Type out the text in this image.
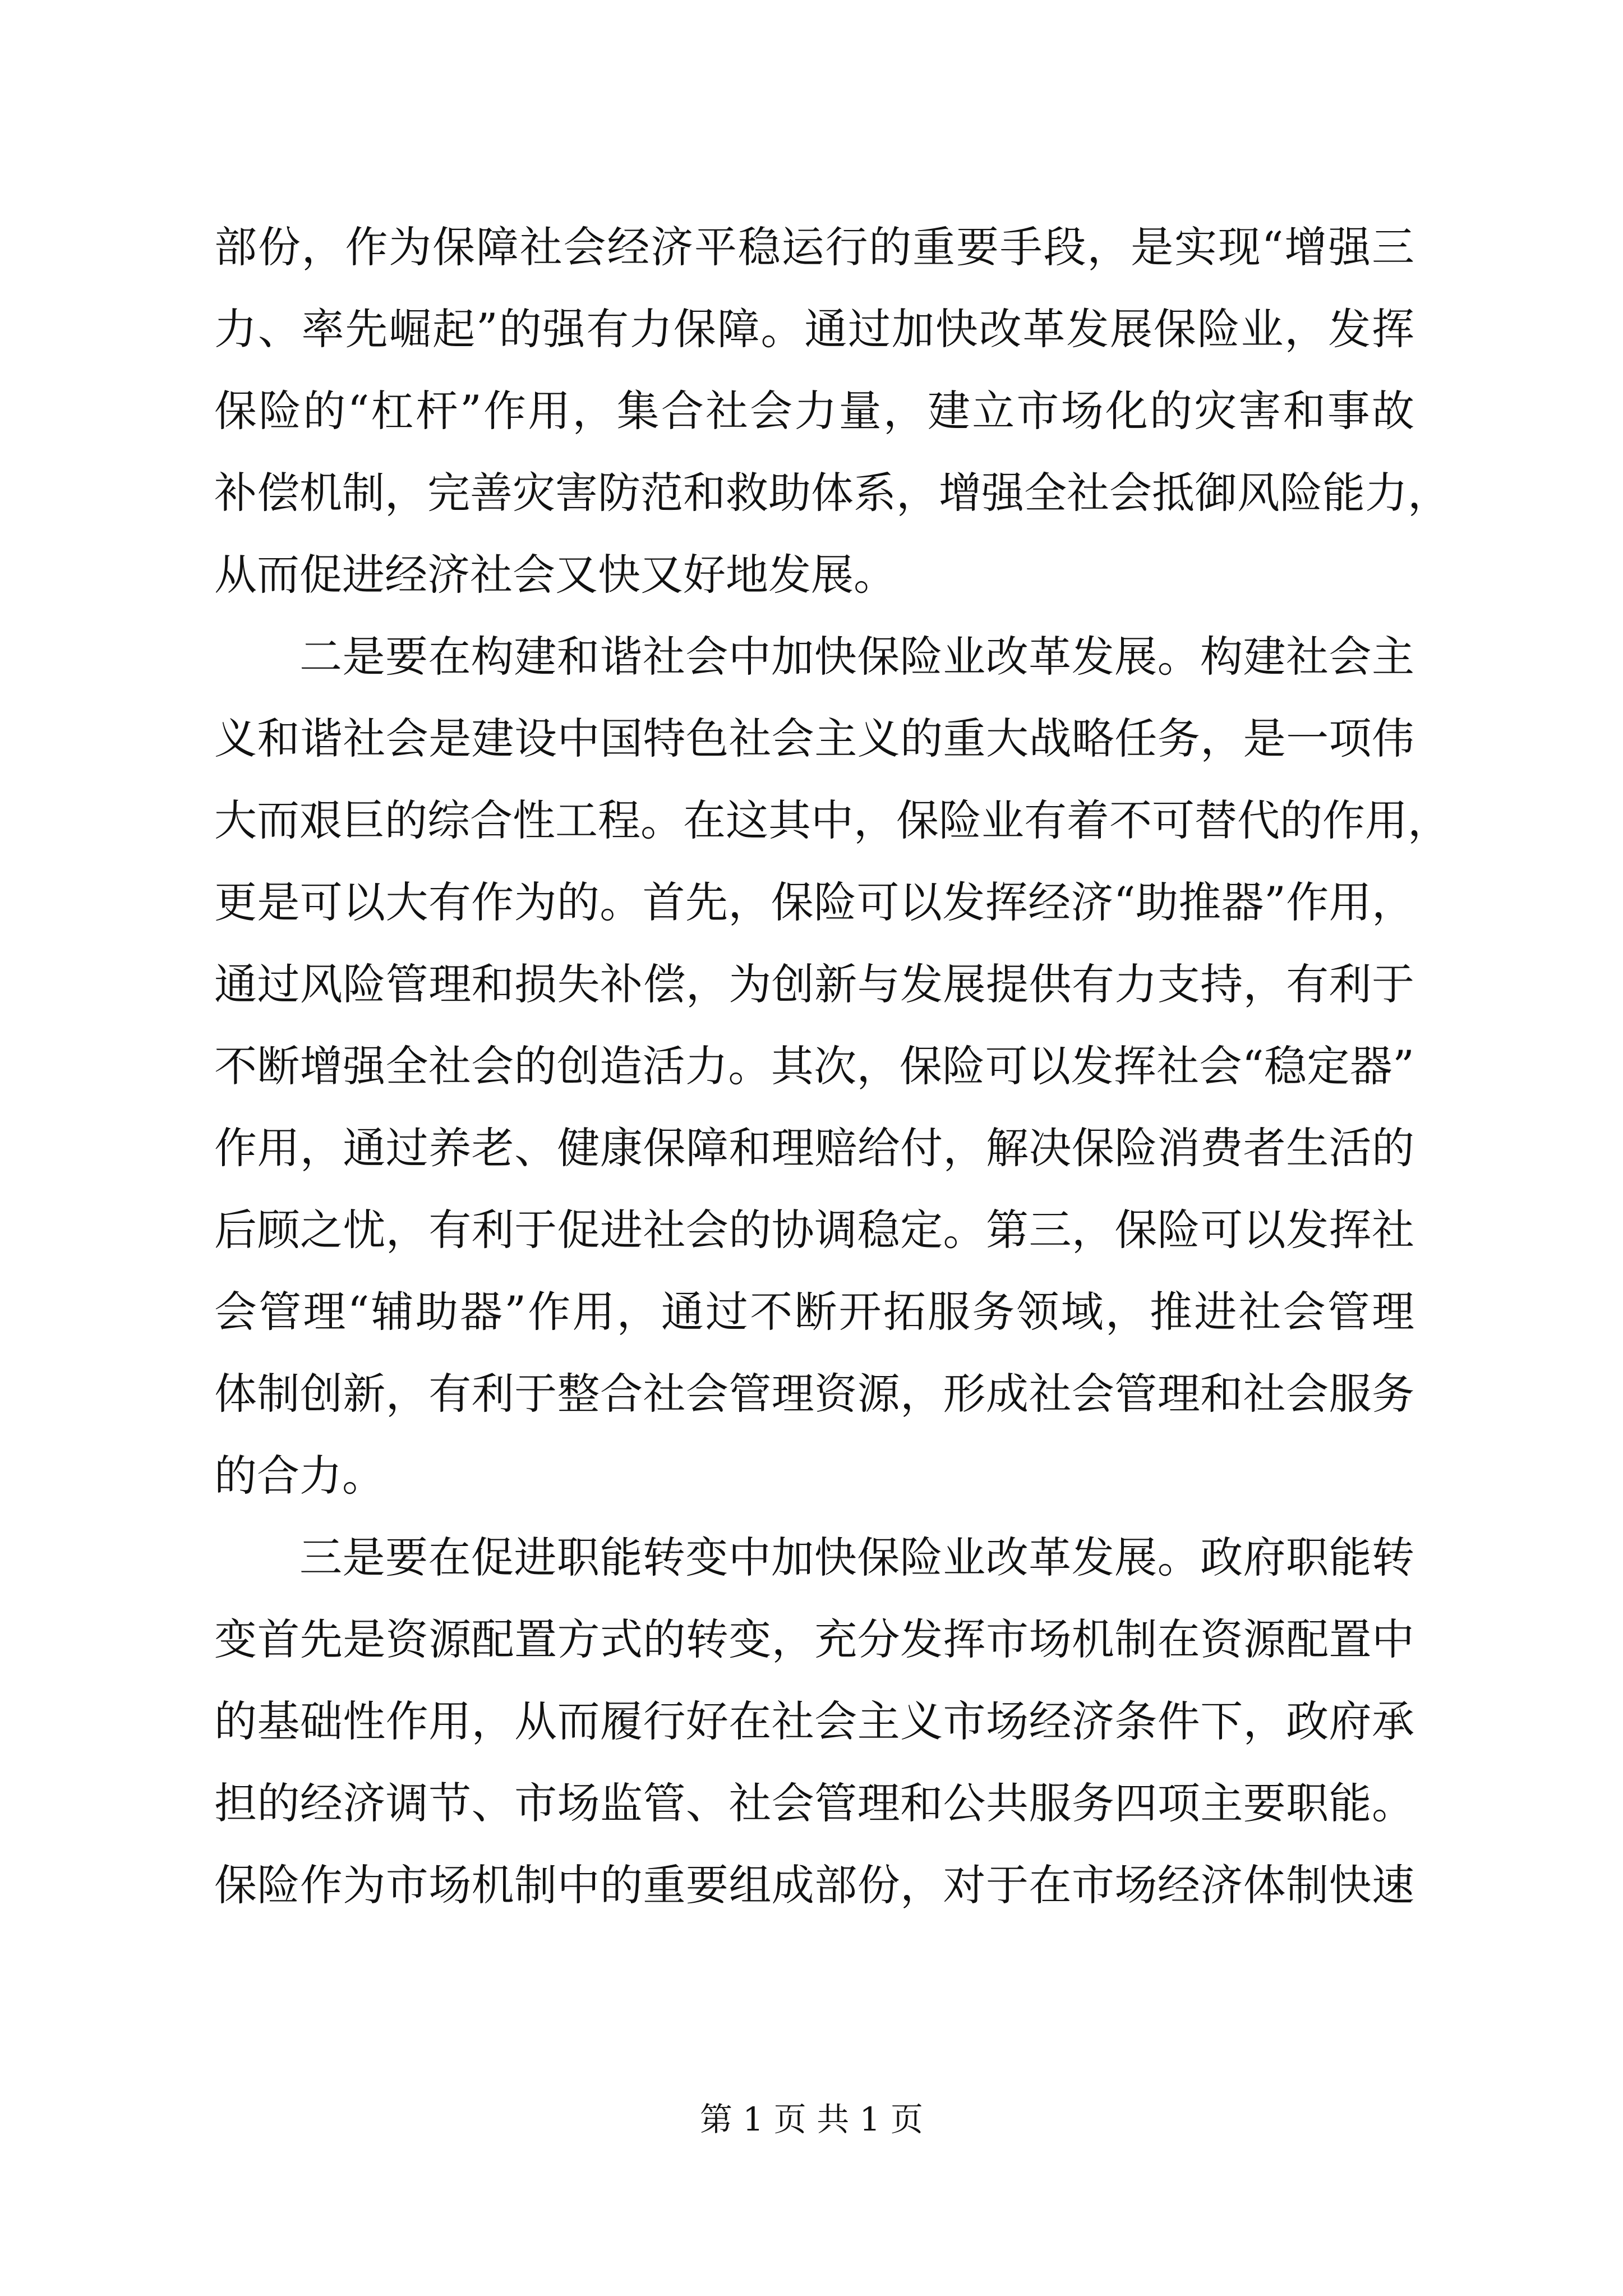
部份，作为保障社会经济平稳运行的重要手段，是实现“增强三
力、率先崛起”的强有力保障。通过加快改革发展保险业，发挥
保险的“杠杆”作用，集合社会力量，建立市场化的灾害和事故
补偿机制，完善灾害防范和救助体系，增强全社会抵御风险能力，
从而促进经济社会又快又好地发展。
二是要在构建和谐社会中加快保险业改革发展。构建社会主
义和谐社会是建设中国特色社会主义的重大战略任务，是一项伟
大而艰巨的综合性工程。在这其中，保险业有着不可替代的作用，
更是可以大有作为的。首先，保险可以发挥经济“助推器”作用，
通过风险管理和损失补偿，为创新与发展提供有力支持，有利于
不断增强全社会的创造活力。其次，保险可以发挥社会“稳定器”
作用，通过养老、健康保障和理赔给付，解决保险消费者生活的
后顾之忧，有利于促进社会的协调稳定。第三，保险可以发挥社
会管理“辅助器”作用，通过不断开拓服务领域，推进社会管理
体制创新，有利于整合社会管理资源，形成社会管理和社会服务
的合力。
三是要在促进职能转变中加快保险业改革发展。政府职能转
变首先是资源配置方式的转变，充分发挥市场机制在资源配置中
的基础性作用，从而履行好在社会主义市场经济条件下，政府承
担的经济调节、市场监管、社会管理和公共服务四项主要职能。
保险作为市场机制中的重要组成部份，对于在市场经济体制快速
第 1 页 共 1 页
